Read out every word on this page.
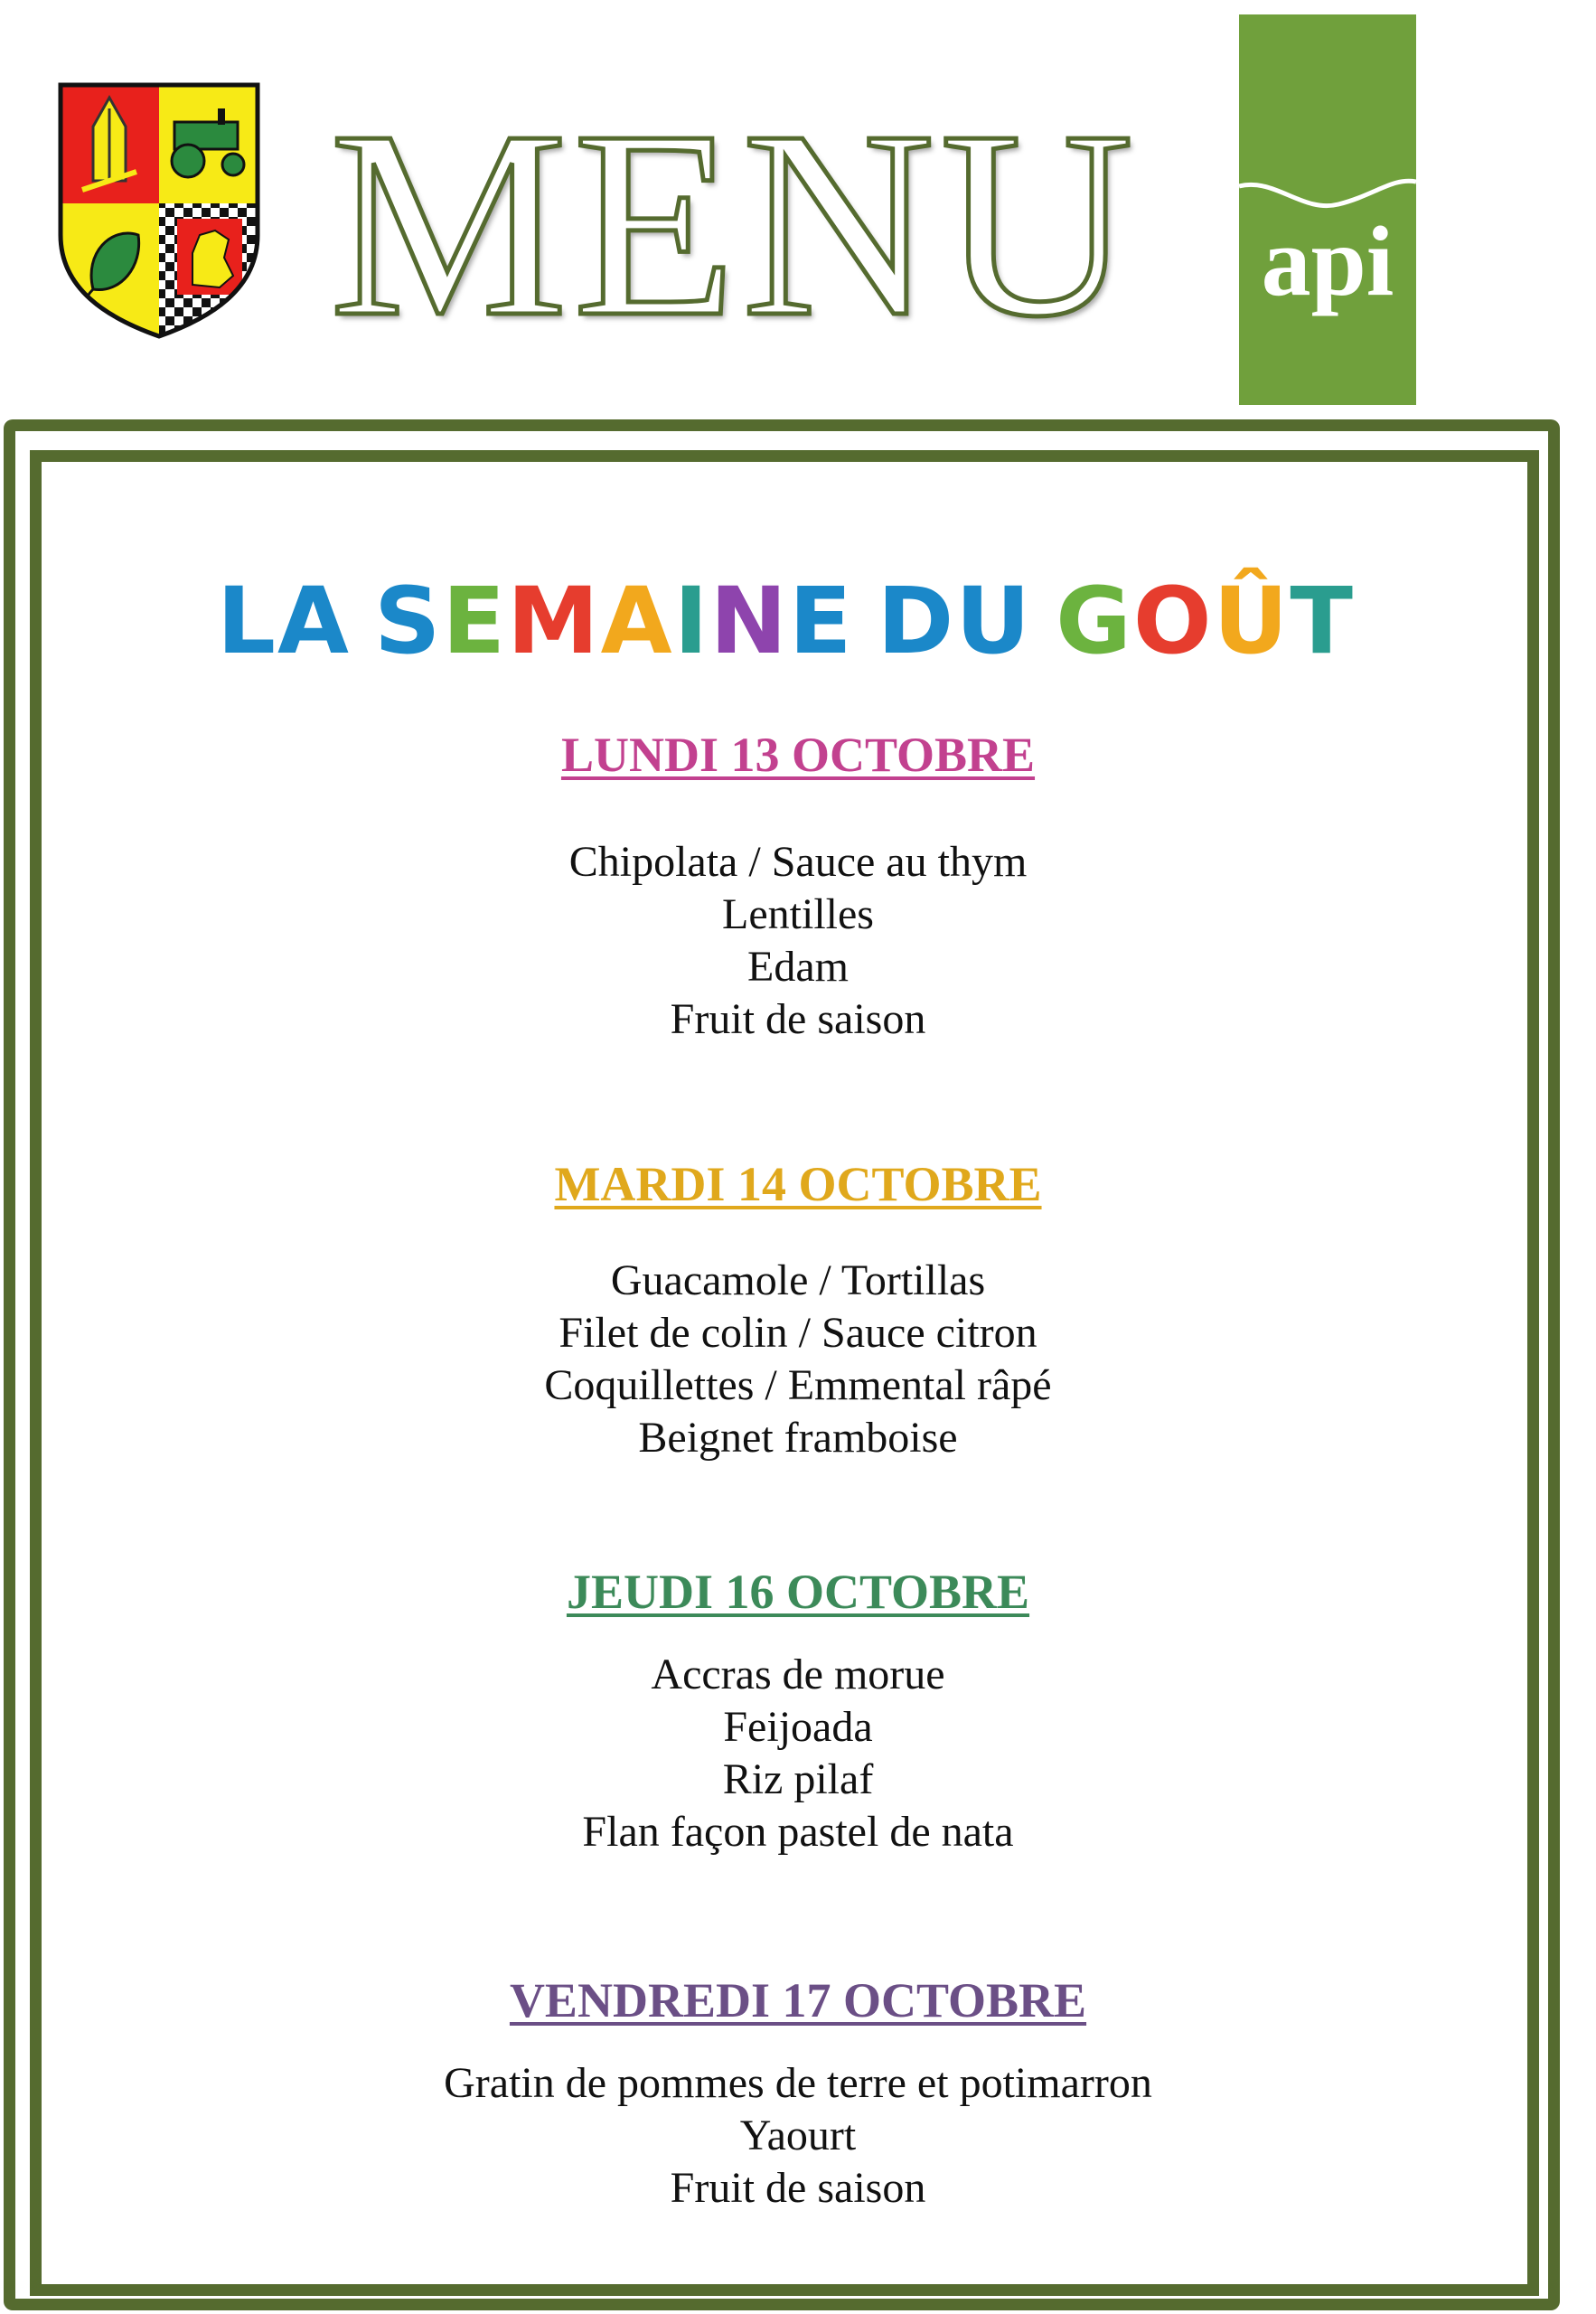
MENU api
LA SEMAINE DU GOÛT
LUNDI 13 OCTOBRE
Chipolata / Sauce au thym
Lentilles
Edam
Fruit de saison
MARDI 14 OCTOBRE
Guacamole / Tortillas
Filet de colin / Sauce citron
Coquillettes / Emmental râpé
Beignet framboise
JEUDI 16 OCTOBRE
Accras de morue
Feijoada
Riz pilaf
Flan façon pastel de nata
VENDREDI 17 OCTOBRE
Gratin de pommes de terre et potimarron
Yaourt
Fruit de saison
